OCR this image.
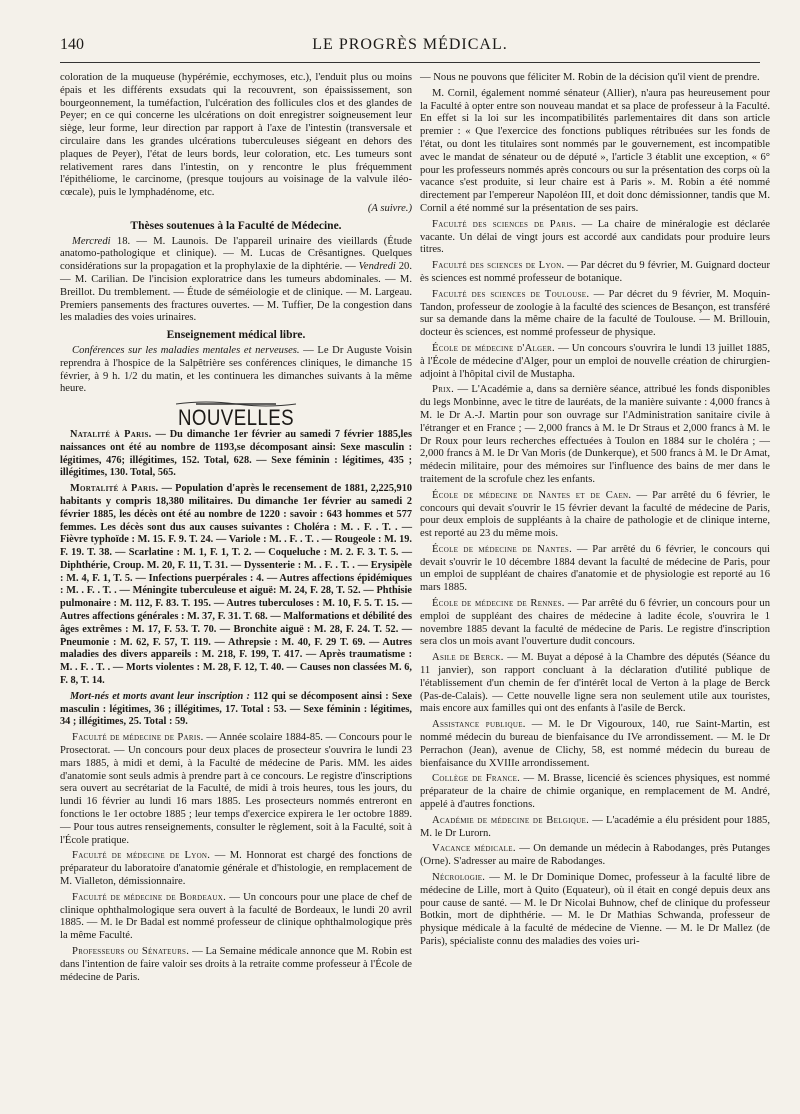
140	LE PROGRÈS MÉDICAL.

coloration de la muqueuse (hypérémie, ecchymoses, etc.), l'enduit plus ou moins épais et les différents exsudats qui la recouvrent, son épaississement, son bourgeonnement, la tuméfaction, l'ulcération des follicules clos et des glandes de Peyer; en ce qui concerne les ulcérations on doit enregistrer soigneusement leur siège, leur forme, leur direction par rapport à l'axe de l'intestin (transversale et circulaire dans les grandes ulcérations tuberculeuses siégeant en dehors des plaques de Peyer), l'état de leurs bords, leur coloration, etc. Les tumeurs sont relativement rares dans l'intestin, on y rencontre le plus fréquemment l'épithéliome, le carcinome, (presque toujours au voisinage de la valvule iléo-cœcale), puis le lymphadénome, etc.

(A suivre.)
Thèses soutenues à la Faculté de Médecine.

Mercredi 18. — M. Launois. De l'appareil urinaire des vieillards (Étude anatomo-pathologique et clinique). — M. Lucas de Crêsantignes. Quelques considérations sur la propagation et la prophylaxie de la diphtérie. — Vendredi 20. — M. Carilian. De l'incision exploratrice dans les tumeurs abdominales. — M. Breillot. Du tremblement. — Étude de séméiologie et de clinique. — M. Largeau. Premiers pansements des fractures ouvertes. — M. Tuffier, De la congestion dans les maladies des voies urinaires.

Enseignement médical libre.

Conférences sur les maladies mentales et nerveuses. — Le Dr Auguste Voisin reprendra à l'hospice de la Salpêtrière ses conférences cliniques, le dimanche 15 février, à 9 h. 1/2 du matin, et les continuera les dimanches suivants à la même heure.

NOUVELLES

Natalité à Paris. — Du dimanche 1er février au samedi 7 février 1885,les naissances ont été au nombre de 1193,se décomposant ainsi: Sexe masculin : légitimes, 476; illégitimes, 152. Total, 628. — Sexe féminin : légitimes, 435 ; illégitimes, 130. Total, 565.

Mortalité à Paris. — Population d'après le recensement de 1881, 2,225,910 habitants y compris 18,380 militaires. Du dimanche 1er février au samedi 2 février 1885, les décès ont été au nombre de 1220 : savoir : 643 hommes et 577 femmes. Les décès sont dus aux causes suivantes : Choléra : M. . F. . T. . — Fièvre typhoïde : M. 15. F. 9. T. 24. — Variole : M. . F. . T. . — Rougeole : M. 19. F. 19. T. 38. — Scarlatine : M. 1, F. 1, T. 2. — Coqueluche : M. 2. F. 3. T. 5. — Diphthérie, Croup. M. 20, F. 11, T. 31. — Dyssenterie : M. . F. . T. . — Erysipèle : M. 4, F. 1, T. 5. — Infections puerpérales : 4. — Autres affections épidémiques : M. . F. . T. . — Méningite tuberculeuse et aiguë: M. 24, F. 28, T. 52. — Phthisie pulmonaire : M. 112, F. 83. T. 195. — Autres tuberculoses : M. 10, F. 5. T. 15. — Autres affections générales : M. 37, F. 31. T. 68. — Malformations et débilité des âges extrêmes : M. 17, F. 53. T. 70. — Bronchite aiguë : M. 28, F. 24. T. 52. — Pneumonie : M. 62, F. 57, T. 119. — Athrepsie : M. 40, F. 29 T. 69. — Autres maladies des divers appareils : M. 218, F. 199, T. 417. — Après traumatisme : M. . F. . T. . — Morts violentes : M. 28, F. 12, T. 40. — Causes non classées M. 6, F. 8, T. 14.

Mort-nés et morts avant leur inscription : 112 qui se décomposent ainsi : Sexe masculin : légitimes, 36 ; illégitimes, 17. Total : 53. — Sexe féminin : légitimes, 34 ; illégitimes, 25. Total : 59.

Faculté de médecine de Paris. — Année scolaire 1884-85. — Concours pour le Prosectorat. — Un concours pour deux places de prosecteur s'ouvrira le lundi 23 mars 1885, à midi et demi, à la Faculté de médecine de Paris. MM. les aides d'anatomie sont seuls admis à prendre part à ce concours. Le registre d'inscriptions sera ouvert au secrétariat de la Faculté, de midi à trois heures, tous les jours, du lundi 16 février au lundi 16 mars 1885. Les prosecteurs nommés entreront en fonctions le 1er octobre 1885 ; leur temps d'exercice expirera le 1er octobre 1889. — Pour tous autres renseignements, consulter le règlement, soit à la Faculté, soit à l'École pratique.

Faculté de médecine de Lyon. — M. Honnorat est chargé des fonctions de préparateur du laboratoire d'anatomie générale et d'histologie, en remplacement de M. Vialleton, démissionnaire.

Faculté de médecine de Bordeaux. — Un concours pour une place de chef de clinique ophthalmologique sera ouvert à la faculté de Bordeaux, le lundi 20 avril 1885. — M. le Dr Badal est nommé professeur de clinique ophthalmologique près la même Faculté.

Professeurs ou Sénateurs. — La Semaine médicale annonce que M. Robin est dans l'intention de faire valoir ses droits à la retraite comme professeur à l'École de médecine de Paris.

— Nous ne pouvons que féliciter M. Robin de la décision qu'il vient de prendre.

M. Cornil, également nommé sénateur (Allier), n'aura pas heureusement pour la Faculté à opter entre son nouveau mandat et sa place de professeur à la Faculté. En effet si la loi sur les incompatibilités parlementaires dit dans son article premier : « Que l'exercice des fonctions publiques rétribuées sur les fonds de l'état, ou dont les titulaires sont nommés par le gouvernement, est incompatible avec le mandat de sénateur ou de député », l'article 3 établit une exception, « 6° pour les professeurs nommés après concours ou sur la présentation des corps où la vacance s'est produite, si leur chaire est à Paris ». M. Robin a été nommé directement par l'empereur Napoléon III, et doit donc démissionner, tandis que M. Cornil a été nommé sur la présentation de ses pairs.

Faculté des sciences de Paris. — La chaire de minéralogie est déclarée vacante. Un délai de vingt jours est accordé aux candidats pour produire leurs titres.

Faculté des sciences de Lyon. — Par décret du 9 février, M. Guignard docteur ès sciences est nommé professeur de botanique.

Faculté des sciences de Toulouse. — Par décret du 9 février, M. Moquin-Tandon, professeur de zoologie à la faculté des sciences de Besançon, est transféré sur sa demande dans la même chaire de la faculté de Toulouse. — M. Brillouin, docteur ès sciences, est nommé professeur de physique.

École de médecine d'Alger. — Un concours s'ouvrira le lundi 13 juillet 1885, à l'École de médecine d'Alger, pour un emploi de nouvelle création de chirurgien-adjoint à l'hôpital civil de Mustapha.

Prix. — L'Académie a, dans sa dernière séance, attribué les fonds disponibles du legs Monbinne, avec le titre de lauréats, de la manière suivante : 4,000 francs à M. le Dr A.-J. Martin pour son ouvrage sur l'Administration sanitaire civile à l'étranger et en France ; — 2,000 francs à M. le Dr Straus et 2,000 francs à M. le Dr Roux pour leurs recherches effectuées à Toulon en 1884 sur le choléra ; — 2,000 francs à M. le Dr Van Moris (de Dunkerque), et 500 francs à M. le Dr Amat, médecin militaire, pour des mémoires sur l'influence des bains de mer dans le traitement de la scrofule chez les enfants.

École de médecine de Nantes et de Caen. — Par arrêté du 6 février, le concours qui devait s'ouvrir le 15 février devant la faculté de médecine de Paris, pour deux emplois de suppléants à la chaire de pathologie et de clinique interne, est reporté au 23 du même mois.

École de médecine de Nantes. — Par arrêté du 6 février, le concours qui devait s'ouvrir le 10 décembre 1884 devant la faculté de médecine de Paris, pour un emploi de suppléant de chaires d'anatomie et de physiologie est reporté au 16 mars 1885.

École de médecine de Rennes. — Par arrêté du 6 février, un concours pour un emploi de suppléant des chaires de médecine à ladite école, s'ouvrira le 1 novembre 1885 devant la faculté de médecine de Paris. Le registre d'inscription sera clos un mois avant l'ouverture dudit concours.

Asile de Berck. — M. Buyat a déposé à la Chambre des députés (Séance du 11 janvier), son rapport concluant à la déclaration d'utilité publique de l'établissement d'un chemin de fer d'intérêt local de Verton à la plage de Berck (Pas-de-Calais). — Cette nouvelle ligne sera non seulement utile aux touristes, mais encore aux familles qui ont des enfants à l'asile de Berck.

Assistance publique. — M. le Dr Vigouroux, 140, rue Saint-Martin, est nommé médecin du bureau de bienfaisance du IVe arrondissement. — M. le Dr Perrachon (Jean), avenue de Clichy, 58, est nommé médecin du bureau de bienfaisance du XVIIIe arrondissement.

Collège de France. — M. Brasse, licencié ès sciences physiques, est nommé préparateur de la chaire de chimie organique, en remplacement de M. André, appelé à d'autres fonctions.

Académie de médecine de Belgique. — L'académie a élu président pour 1885, M. le Dr Lurorn.

Vacance médicale. — On demande un médecin à Rabodanges, près Putanges (Orne). S'adresser au maire de Rabodanges.

Nécrologie. — M. le Dr Dominique Domec, professeur à la faculté libre de médecine de Lille, mort à Quito (Equateur), où il était en congé depuis deux ans pour cause de santé. — M. le Dr Nicolai Buhnow, chef de clinique du professeur Botkin, mort de diphthérie. — M. le Dr Mathias Schwanda, professeur de physique médicale à la faculté de médecine de Vienne. — M. le Dr Mallez (de Paris), spécialiste connu des maladies des voies uri-
